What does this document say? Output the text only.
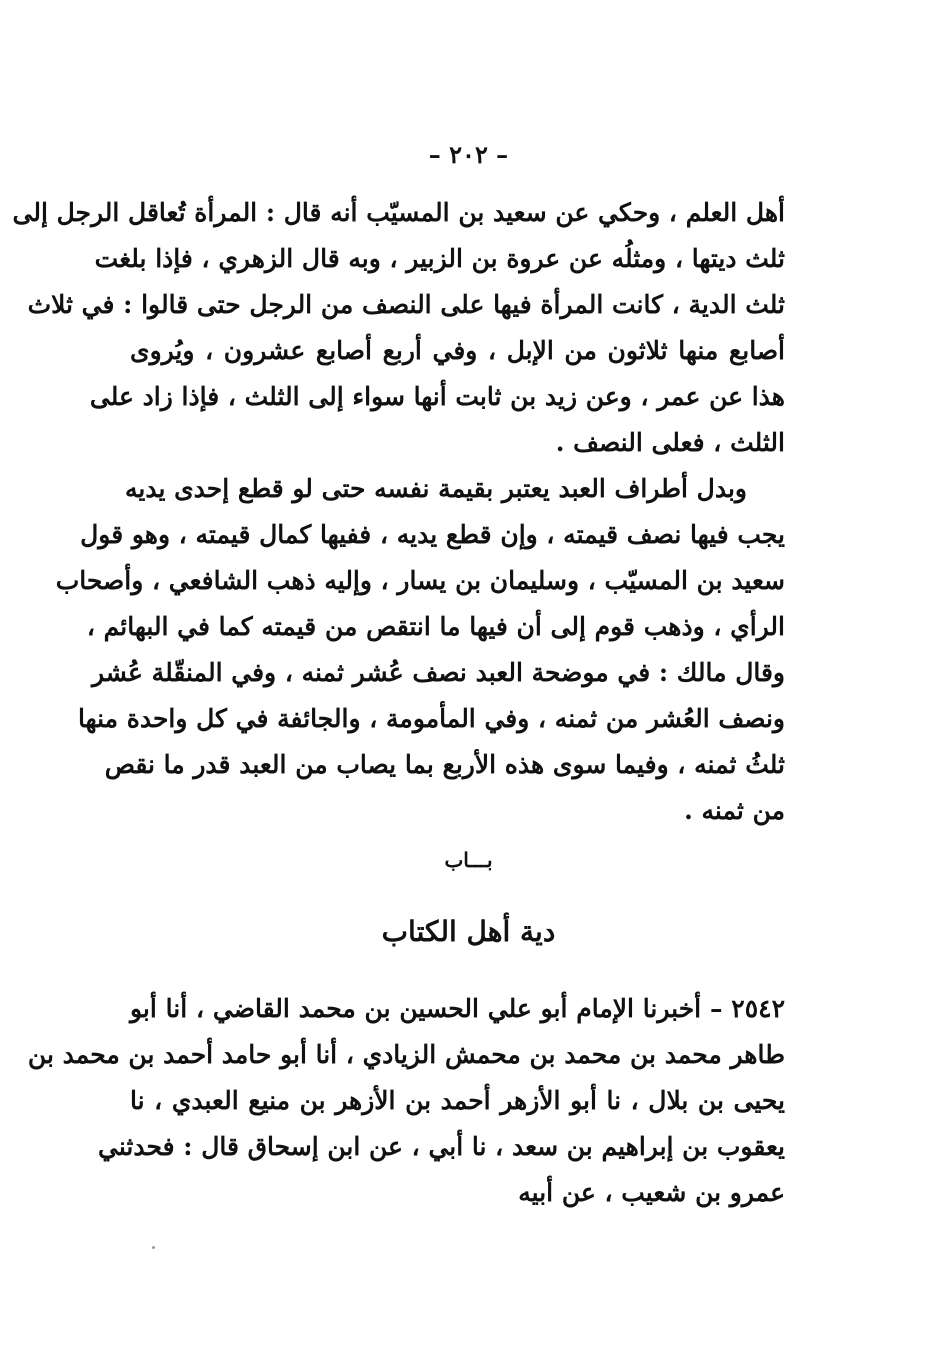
– ٢٠٢ –
أهل العلم ، وحكي عن سعيد بن المسيّب أنه قال : المرأة تُعاقل الرجل إلى
ثلث ديتها ، ومثلُه عن عروة بن الزبير ، وبه قال الزهري ، فإذا بلغت
ثلث الدية ، كانت المرأة فيها على النصف من الرجل حتى قالوا : في ثلاث
أصابع منها ثلاثون من الإبل ، وفي أربع أصابع عشرون ، ويُروى
هذا عن عمر ، وعن زيد بن ثابت أنها سواء إلى الثلث ، فإذا زاد على
الثلث ، فعلى النصف .
وبدل أطراف العبد يعتبر بقيمة نفسه حتى لو قطع إحدى يديه
يجب فيها نصف قيمته ، وإن قطع يديه ، ففيها كمال قيمته ، وهو قول
سعيد بن المسيّب ، وسليمان بن يسار ، وإليه ذهب الشافعي ، وأصحاب
الرأي ، وذهب قوم إلى أن فيها ما انتقص من قيمته كما في البهائم ،
وقال مالك : في موضحة العبد نصف عُشر ثمنه ، وفي المنقّلة عُشر
ونصف العُشر من ثمنه ، وفي المأمومة ، والجائفة في كل واحدة منها
ثلثُ ثمنه ، وفيما سوى هذه الأربع بما يصاب من العبد قدر ما نقص
من ثمنه .
بـــاب
دية أهل الكتاب
٢٥٤٢ – أخبرنا الإمام أبو علي الحسين بن محمد القاضي ، أنا أبو
طاهر محمد بن محمد بن محمش الزيادي ، أنا أبو حامد أحمد بن محمد بن
يحيى بن بلال ، نا أبو الأزهر أحمد بن الأزهر بن منيع العبدي ، نا
يعقوب بن إبراهيم بن سعد ، نا أبي ، عن ابن إسحاق قال : فحدثني
عمرو بن شعيب ، عن أبيه
